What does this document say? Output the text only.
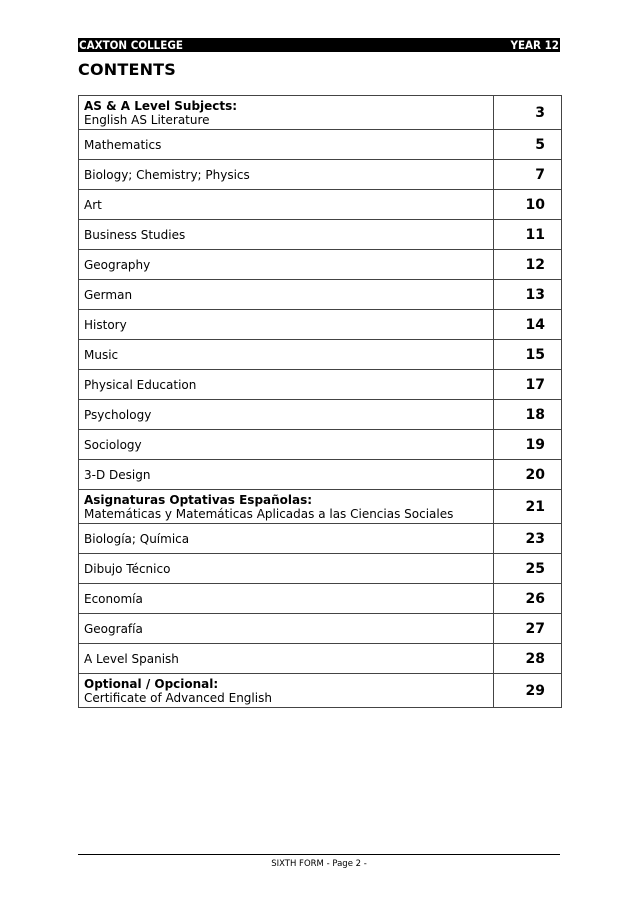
CAXTON COLLEGE	YEAR 12
CONTENTS
AS & A Level Subjects:
English AS Literature	3
Mathematics	5
Biology; Chemistry; Physics	7
Art	10
Business Studies	11
Geography	12
German	13
History	14
Music	15
Physical Education	17
Psychology	18
Sociology	19
3-D Design	20

Asignaturas Optativas Españolas:
Matemáticas y Matemáticas Aplicadas a las Ciencias Sociales	21
Biología; Química	23
Dibujo Técnico	25
Economía	26
Geografía	27
A Level Spanish	28

Optional / Opcional:
Certificate of Advanced English	29
SIXTH FORM - Page 2 -
